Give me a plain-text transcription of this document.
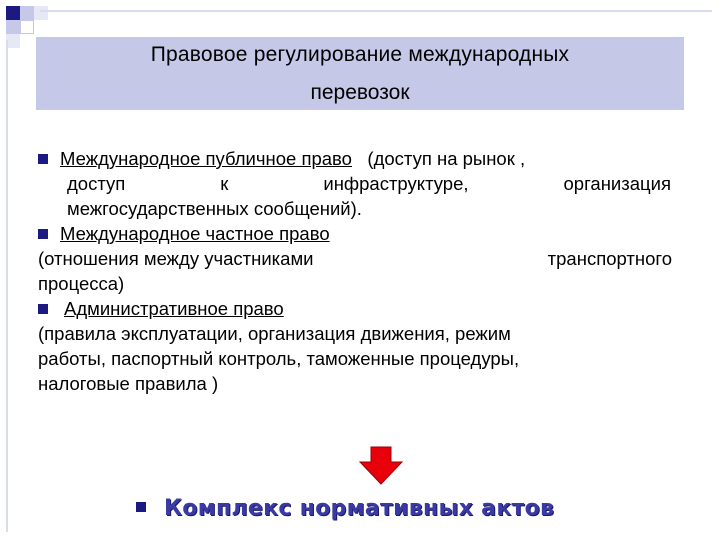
Правовое регулирование международных
перевозок
Международное публичное право (доступ на рынок ,
доступ	к	инфраструктуре,	организация
межгосударственных сообщений).
Международное частное право
(отношения между участниками	транспортного
процесса)
Административное право
(правила эксплуатации, организация движения, режим
работы, паспортный контроль, таможенные процедуры,
налоговые правила )
Комплекс нормативных актов
